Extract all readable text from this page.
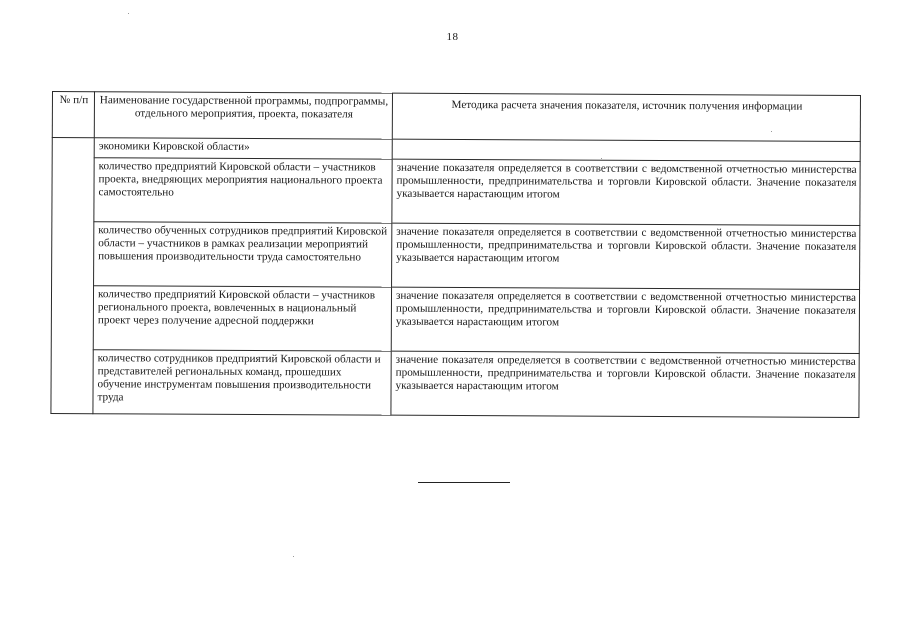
18
№ п/п	Наименование государственной программы, подпрограммы, отдельного мероприятия, проекта, показателя	Методика расчета значения показателя, источник получения информации
	экономики Кировской области»	
	количество предприятий Кировской области – участников проекта, внедряющих мероприятия национального проекта самостоятельно	значение показателя определяется в соответствии с ведомственной отчетностью министерства промышленности, предпринимательства и торговли Кировской области. Значение показателя указывается нарастающим итогом
	количество обученных сотрудников предприятий Кировской области – участников в рамках реализации мероприятий повышения производительности труда самостоятельно	значение показателя определяется в соответствии с ведомственной отчетностью министерства промышленности, предпринимательства и торговли Кировской области. Значение показателя указывается нарастающим итогом
	количество предприятий Кировской области – участников регионального проекта, вовлеченных в национальный проект через получение адресной поддержки	значение показателя определяется в соответствии с ведомственной отчетностью министерства промышленности, предпринимательства и торговли Кировской области. Значение показателя указывается нарастающим итогом
	количество сотрудников предприятий Кировской области и представителей региональных команд, прошедших обучение инструментам повышения производительности труда	значение показателя определяется в соответствии с ведомственной отчетностью министерства промышленности, предпринимательства и торговли Кировской области. Значение показателя указывается нарастающим итогом
